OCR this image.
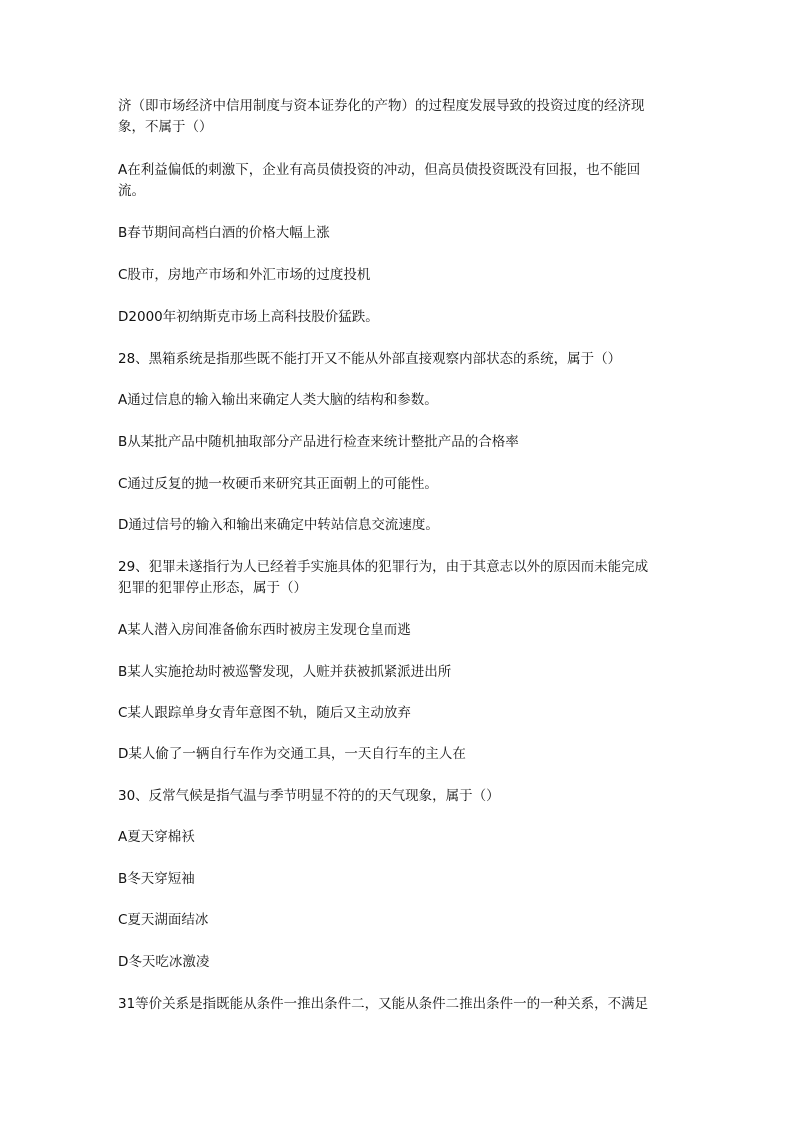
济（即市场经济中信用制度与资本证券化的产物）的过程度发展导致的投资过度的经济现
象，不属于（）
A在利益偏低的刺激下，企业有高员债投资的冲动，但高员债投资既没有回报，也不能回
流。
B春节期间高档白酒的价格大幅上涨
C股市，房地产市场和外汇市场的过度投机
D2000年初纳斯克市场上高科技股价猛跌。
28、黑箱系统是指那些既不能打开又不能从外部直接观察内部状态的系统，属于（）
A通过信息的输入输出来确定人类大脑的结构和参数。
B从某批产品中随机抽取部分产品进行检查来统计整批产品的合格率
C通过反复的抛一枚硬币来研究其正面朝上的可能性。
D通过信号的输入和输出来确定中转站信息交流速度。
29、犯罪未遂指行为人已经着手实施具体的犯罪行为，由于其意志以外的原因而未能完成
犯罪的犯罪停止形态，属于（）
A某人潜入房间准备偷东西时被房主发现仓皇而逃
B某人实施抢劫时被巡警发现，人赃并获被抓紧派进出所
C某人跟踪单身女青年意图不轨，随后又主动放弃
D某人偷了一辆自行车作为交通工具，一天自行车的主人在
30、反常气候是指气温与季节明显不符的的天气现象，属于（）
A夏天穿棉袄
B冬天穿短袖
C夏天湖面结冰
D冬天吃冰激凌
31等价关系是指既能从条件一推出条件二，又能从条件二推出条件一的一种关系，不满足
